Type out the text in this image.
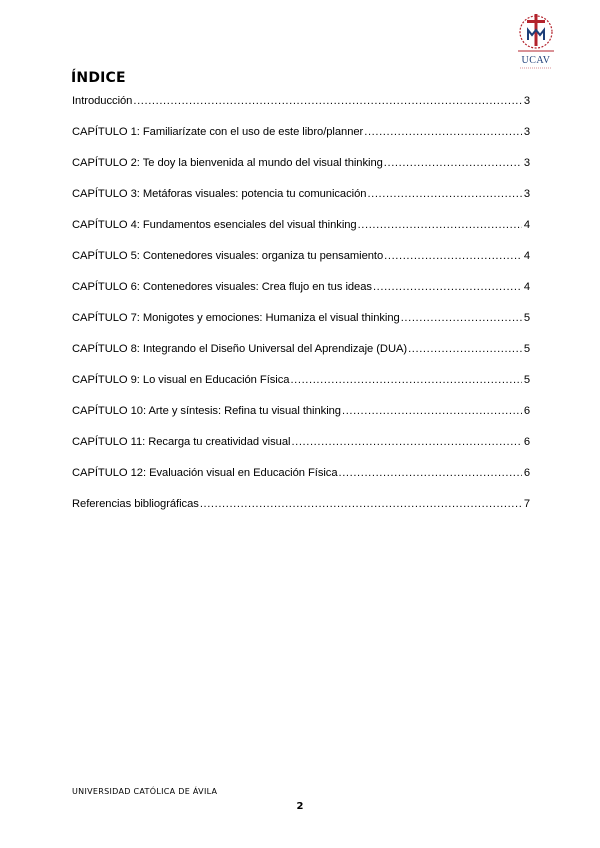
UCAV
ÍNDICE
Introducción .....	3
CAPÍTULO 1: Familiarízate con el uso de este libro/planner .....	3
CAPÍTULO 2: Te doy la bienvenida al mundo del visual thinking .....	3
CAPÍTULO 3: Metáforas visuales: potencia tu comunicación .....	3
CAPÍTULO 4: Fundamentos esenciales del visual thinking .....	4
CAPÍTULO 5: Contenedores visuales: organiza tu pensamiento .....	4
CAPÍTULO 6: Contenedores visuales: Crea flujo en tus ideas .....	4
CAPÍTULO 7: Monigotes y emociones: Humaniza el visual thinking .....	5
CAPÍTULO 8: Integrando el Diseño Universal del Aprendizaje (DUA) .....	5
CAPÍTULO 9: Lo visual en Educación Física .....	5
CAPÍTULO 10: Arte y síntesis: Refina tu visual thinking .....	6
CAPÍTULO 11: Recarga tu creatividad visual .....	6
CAPÍTULO 12: Evaluación visual en Educación Física .....	6
Referencias bibliográficas .....	7
UNIVERSIDAD CATÓLICA DE ÁVILA
2
